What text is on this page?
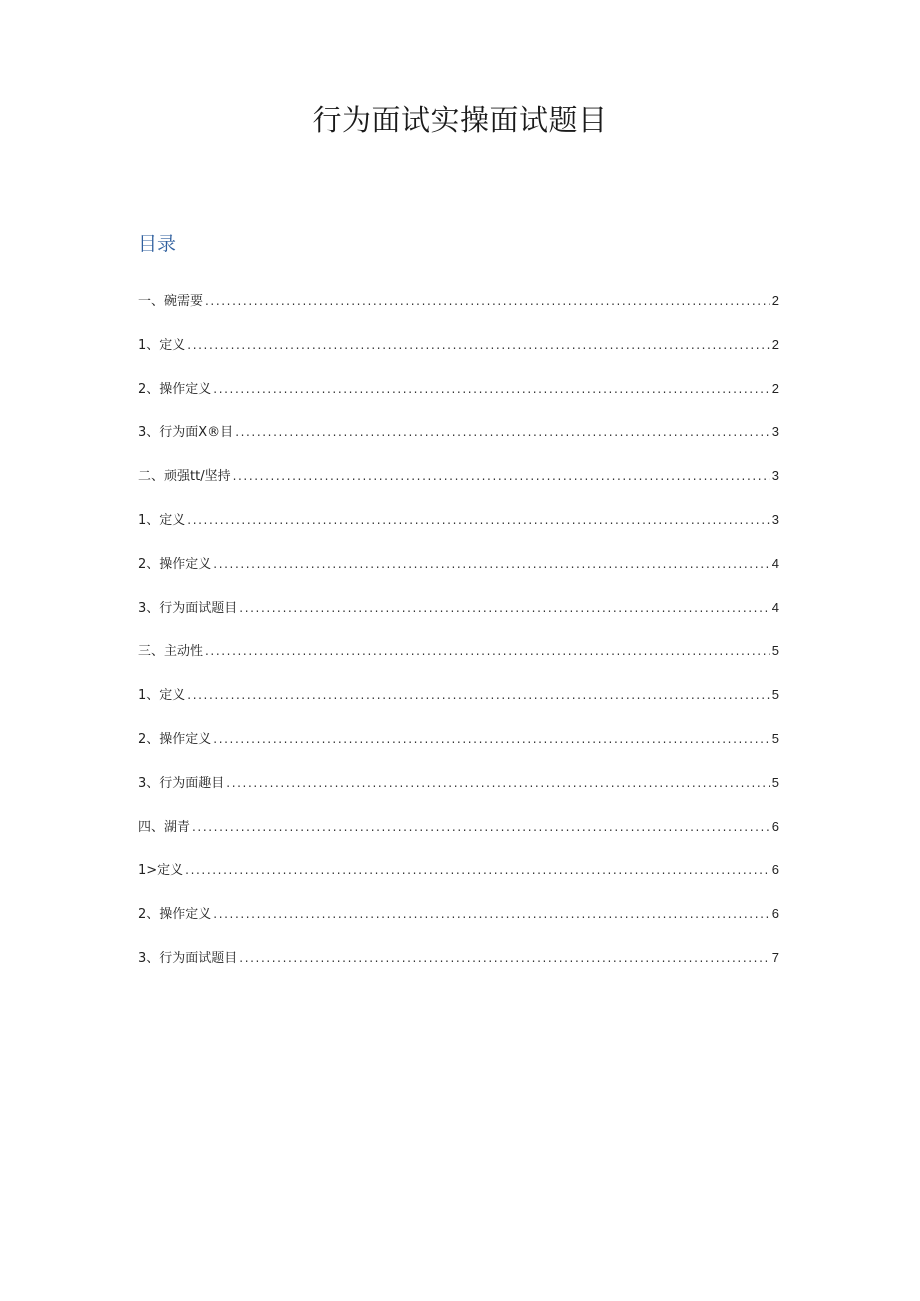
行为面试实操面试题目
目录
一、碗需要 .....	2
1、定义 .....	2
2、操作定义 .....	2
3、行为面X®目 .....	3
二、顽强tt/坚持 .....	3
1、定义 .....	3
2、操作定义 .....	4
3、行为面试题目 .....	4
三、主动性 .....	5
1、定义 .....	5
2、操作定义 .....	5
3、行为面趣目 .....	5
四、湖青 .....	6
1>定义 .....	6
2、操作定义 .....	6
3、行为面试题目 .....	7
